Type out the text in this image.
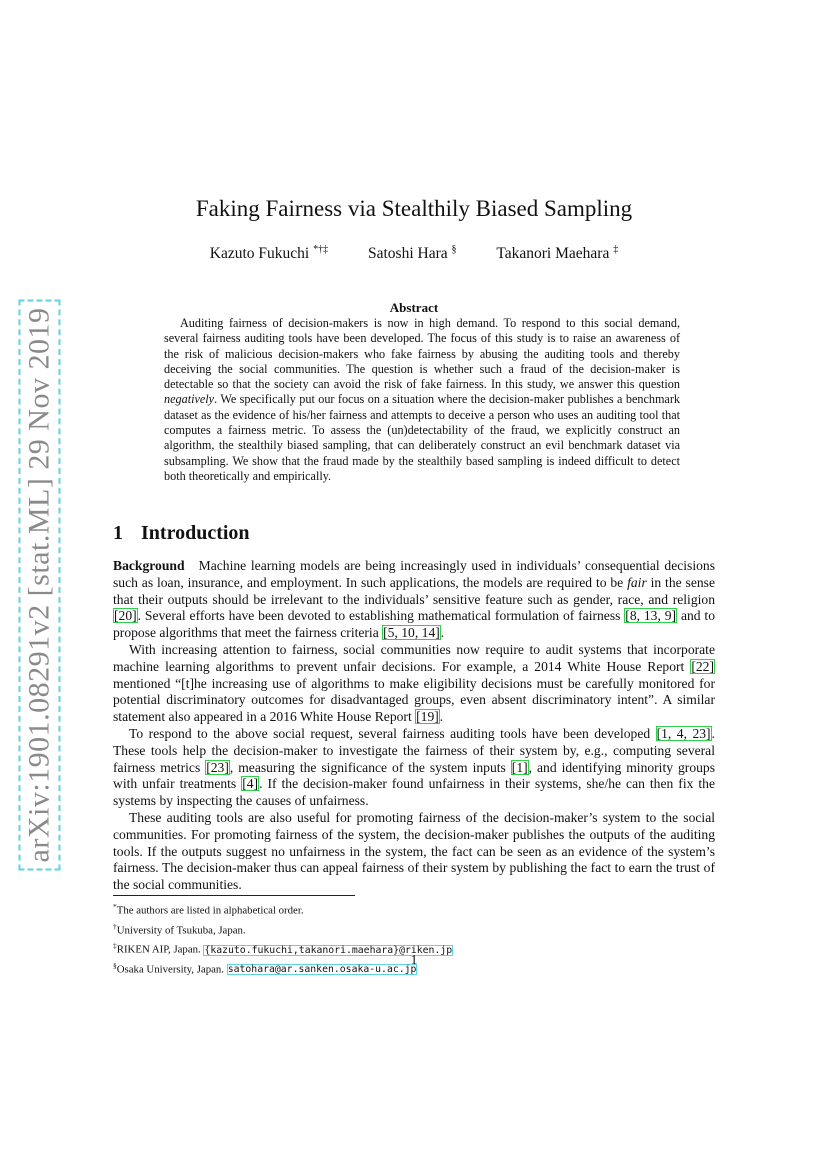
arXiv:1901.08291v2 [stat.ML] 29 Nov 2019
Faking Fairness via Stealthily Biased Sampling
Kazuto Fukuchi *†‡	Satoshi Hara §	Takanori Maehara ‡
Abstract
Auditing fairness of decision-makers is now in high demand. To respond to this social demand, several fairness auditing tools have been developed. The focus of this study is to raise an awareness of the risk of malicious decision-makers who fake fairness by abusing the auditing tools and thereby deceiving the social communities. The question is whether such a fraud of the decision-maker is detectable so that the society can avoid the risk of fake fairness. In this study, we answer this question negatively. We specifically put our focus on a situation where the decision-maker publishes a benchmark dataset as the evidence of his/her fairness and attempts to deceive a person who uses an auditing tool that computes a fairness metric. To assess the (un)detectability of the fraud, we explicitly construct an algorithm, the stealthily biased sampling, that can deliberately construct an evil benchmark dataset via subsampling. We show that the fraud made by the stealthily based sampling is indeed difficult to detect both theoretically and empirically.
1 Introduction

Background Machine learning models are being increasingly used in individuals’ consequential decisions such as loan, insurance, and employment. In such applications, the models are required to be fair in the sense that their outputs should be irrelevant to the individuals’ sensitive feature such as gender, race, and religion [20]. Several efforts have been devoted to establishing mathematical formulation of fairness [8, 13, 9] and to propose algorithms that meet the fairness criteria [5, 10, 14].

With increasing attention to fairness, social communities now require to audit systems that incorporate machine learning algorithms to prevent unfair decisions. For example, a 2014 White House Report [22] mentioned “[t]he increasing use of algorithms to make eligibility decisions must be carefully monitored for potential discriminatory outcomes for disadvantaged groups, even absent discriminatory intent”. A similar statement also appeared in a 2016 White House Report [19].

To respond to the above social request, several fairness auditing tools have been developed [1, 4, 23]. These tools help the decision-maker to investigate the fairness of their system by, e.g., computing several fairness metrics [23], measuring the significance of the system inputs [1], and identifying minority groups with unfair treatments [4]. If the decision-maker found unfairness in their systems, she/he can then fix the systems by inspecting the causes of unfairness.

These auditing tools are also useful for promoting fairness of the decision-maker’s system to the social communities. For promoting fairness of the system, the decision-maker publishes the outputs of the auditing tools. If the outputs suggest no unfairness in the system, the fact can be seen as an evidence of the system’s fairness. The decision-maker thus can appeal fairness of their system by publishing the fact to earn the trust of the social communities.

*The authors are listed in alphabetical order.
†University of Tsukuba, Japan.
‡RIKEN AIP, Japan. {kazuto.fukuchi,takanori.maehara}@riken.jp
§Osaka University, Japan. satohara@ar.sanken.osaka-u.ac.jp
1
